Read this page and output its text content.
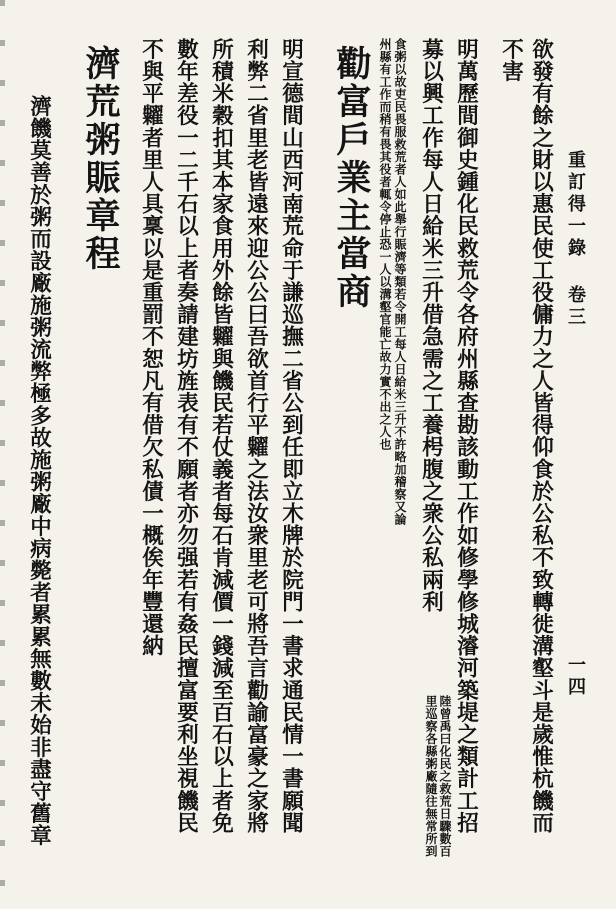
重訂得一錄
卷三
一四
欲發有餘之財以惠民使工役傭力之人皆得仰食於公私不致轉徙溝壑斗是歲惟杭饑而
不害
明萬歷間御史鍾化民救荒令各府州縣查勘該動工作如修學修城濬河築堤之類計工招
募以興工作每人日給米三升借急需之工養枵腹之衆公私兩利
陸曾禹曰化民之救荒日驟數百
里巡察各縣粥廠隨往無常所到
食粥以故吏民畏服救荒者人如此舉行賑濟等類若令開工每人日給米三升不許略加稽察又論
州縣有工作而稍有畏其役者輒令停止恐一人以溝壑官能亡故力實不出之人也
勸富戶業主當商
明宣德間山西河南荒命于謙巡撫二省公到任即立木牌於院門一書求通民情一書願聞
利弊二省里老皆遠來迎公公曰吾欲首行平糶之法汝衆里老可將吾言勸諭富豪之家將
所積米穀扣其本家食用外餘皆糶與饑民若仗義者每石肯減價一錢減至百石以上者免
數年差役一二千石以上者奏請建坊旌表有不願者亦勿强若有姦民擅富要利坐視饑民
不與平糶者里人具稟以是重罰不恕凡有借欠私債一概俟年豐還納
濟荒粥賑章程
濟饑莫善於粥而設廠施粥流弊極多故施粥廠中病斃者累累無數未始非盡守舊章
